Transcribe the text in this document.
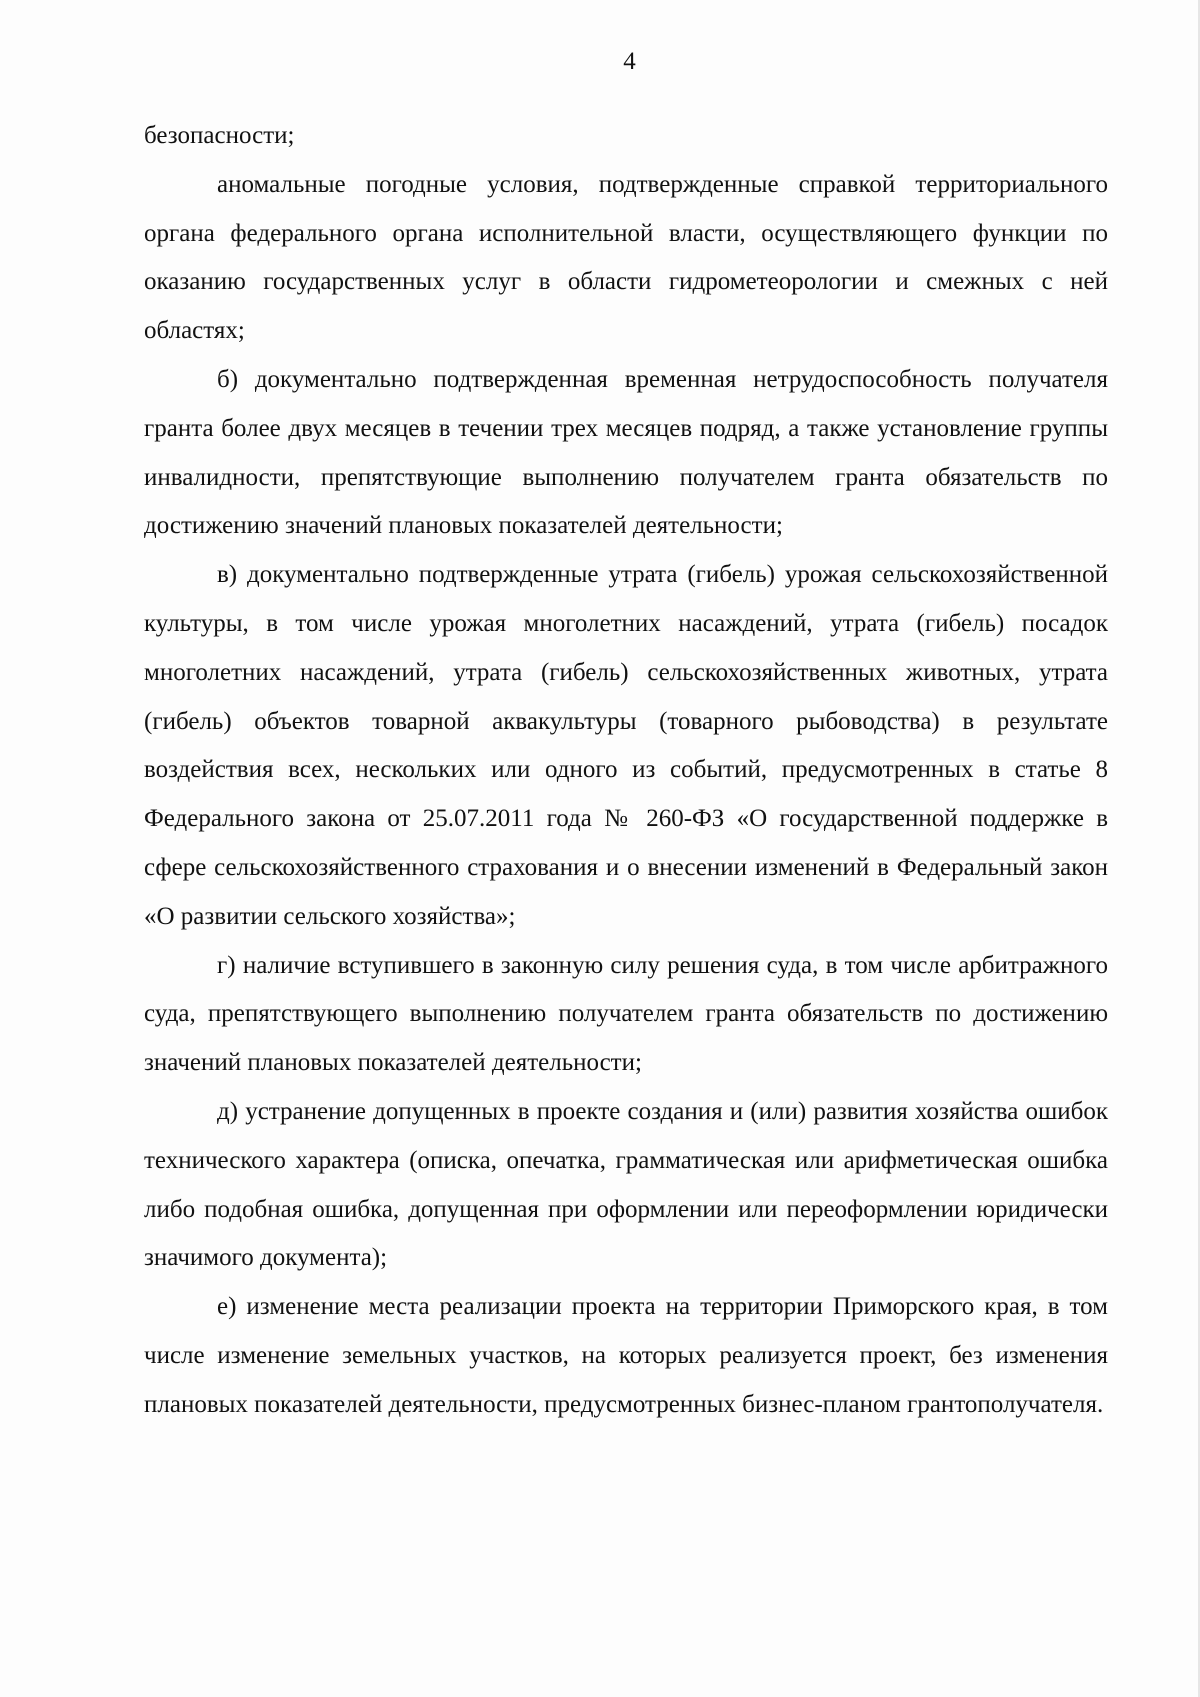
4

безопасности;

аномальные погодные условия, подтвержденные справкой территориального органа федерального органа исполнительной власти, осуществляющего функции по оказанию государственных услуг в области гидрометеорологии и смежных с ней областях;

б) документально подтвержденная временная нетрудоспособность получателя гранта более двух месяцев в течении трех месяцев подряд, а также установление группы инвалидности, препятствующие выполнению получателем гранта обязательств по достижению значений плановых показателей деятельности;

в) документально подтвержденные утрата (гибель) урожая сельскохозяйственной культуры, в том числе урожая многолетних насаждений, утрата (гибель) посадок многолетних насаждений, утрата (гибель) сельскохозяйственных животных, утрата (гибель) объектов товарной аквакультуры (товарного рыбоводства) в результате воздействия всех, нескольких или одного из событий, предусмотренных в статье 8 Федерального закона от 25.07.2011 года № 260-ФЗ «О государственной поддержке в сфере сельскохозяйственного страхования и о внесении изменений в Федеральный закон «О развитии сельского хозяйства»;

г) наличие вступившего в законную силу решения суда, в том числе арбитражного суда, препятствующего выполнению получателем гранта обязательств по достижению значений плановых показателей деятельности;

д) устранение допущенных в проекте создания и (или) развития хозяйства ошибок технического характера (описка, опечатка, грамматическая или арифметическая ошибка либо подобная ошибка, допущенная при оформлении или переоформлении юридически значимого документа);

е) изменение места реализации проекта на территории Приморского края, в том числе изменение земельных участков, на которых реализуется проект, без изменения плановых показателей деятельности, предусмотренных бизнес-планом грантополучателя.
